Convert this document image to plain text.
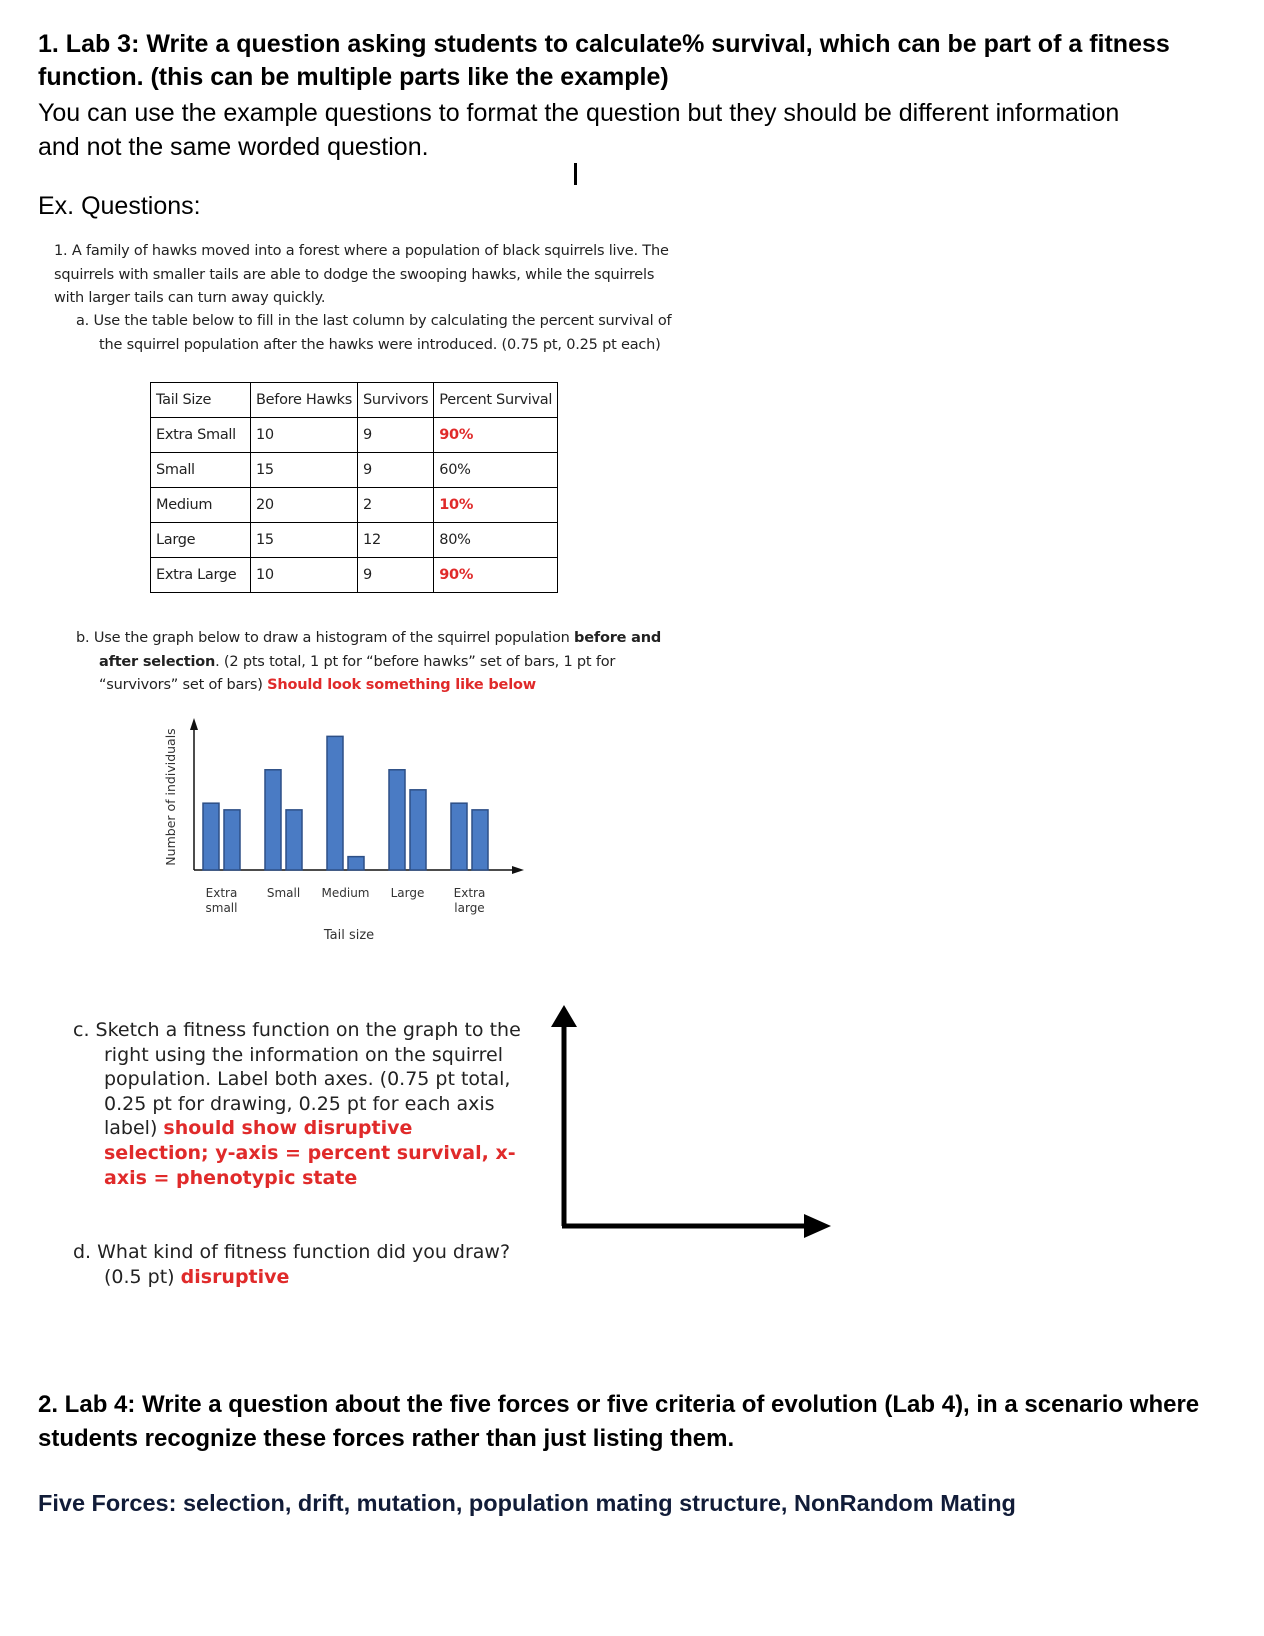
1. Lab 3: Write a question asking students to calculate% survival, which can be part of a fitness function. (this can be multiple parts like the example)
You can use the example questions to format the question but they should be different information and not the same worded question.
Ex. Questions:
1. A family of hawks moved into a forest where a population of black squirrels live. The squirrels with smaller tails are able to dodge the swooping hawks, while the squirrels with larger tails can turn away quickly.
a. Use the table below to fill in the last column by calculating the percent survival of the squirrel population after the hawks were introduced. (0.75 pt, 0.25 pt each)
Tail Size	Before Hawks	Survivors	Percent Survival
Extra Small	10	9	90%
Small	15	9	60%
Medium	20	2	10%
Large	15	12	80%
Extra Large	10	9	90%
b. Use the graph below to draw a histogram of the squirrel population before and after selection. (2 pts total, 1 pt for “before hawks” set of bars, 1 pt for “survivors” set of bars) Should look something like below
Extra
small
Small Medium Large Extra
large
Number of individuals
Tail size
c. Sketch a fitness function on the graph to the right using the information on the squirrel population. Label both axes. (0.75 pt total, 0.25 pt for drawing, 0.25 pt for each axis label) should show disruptive selection; y-axis = percent survival, x-axis = phenotypic state
d. What kind of fitness function did you draw? (0.5 pt) disruptive
2. Lab 4: Write a question about the five forces or five criteria of evolution (Lab 4), in a scenario where students recognize these forces rather than just listing them.
Five Forces: selection, drift, mutation, population mating structure, NonRandom Mating
